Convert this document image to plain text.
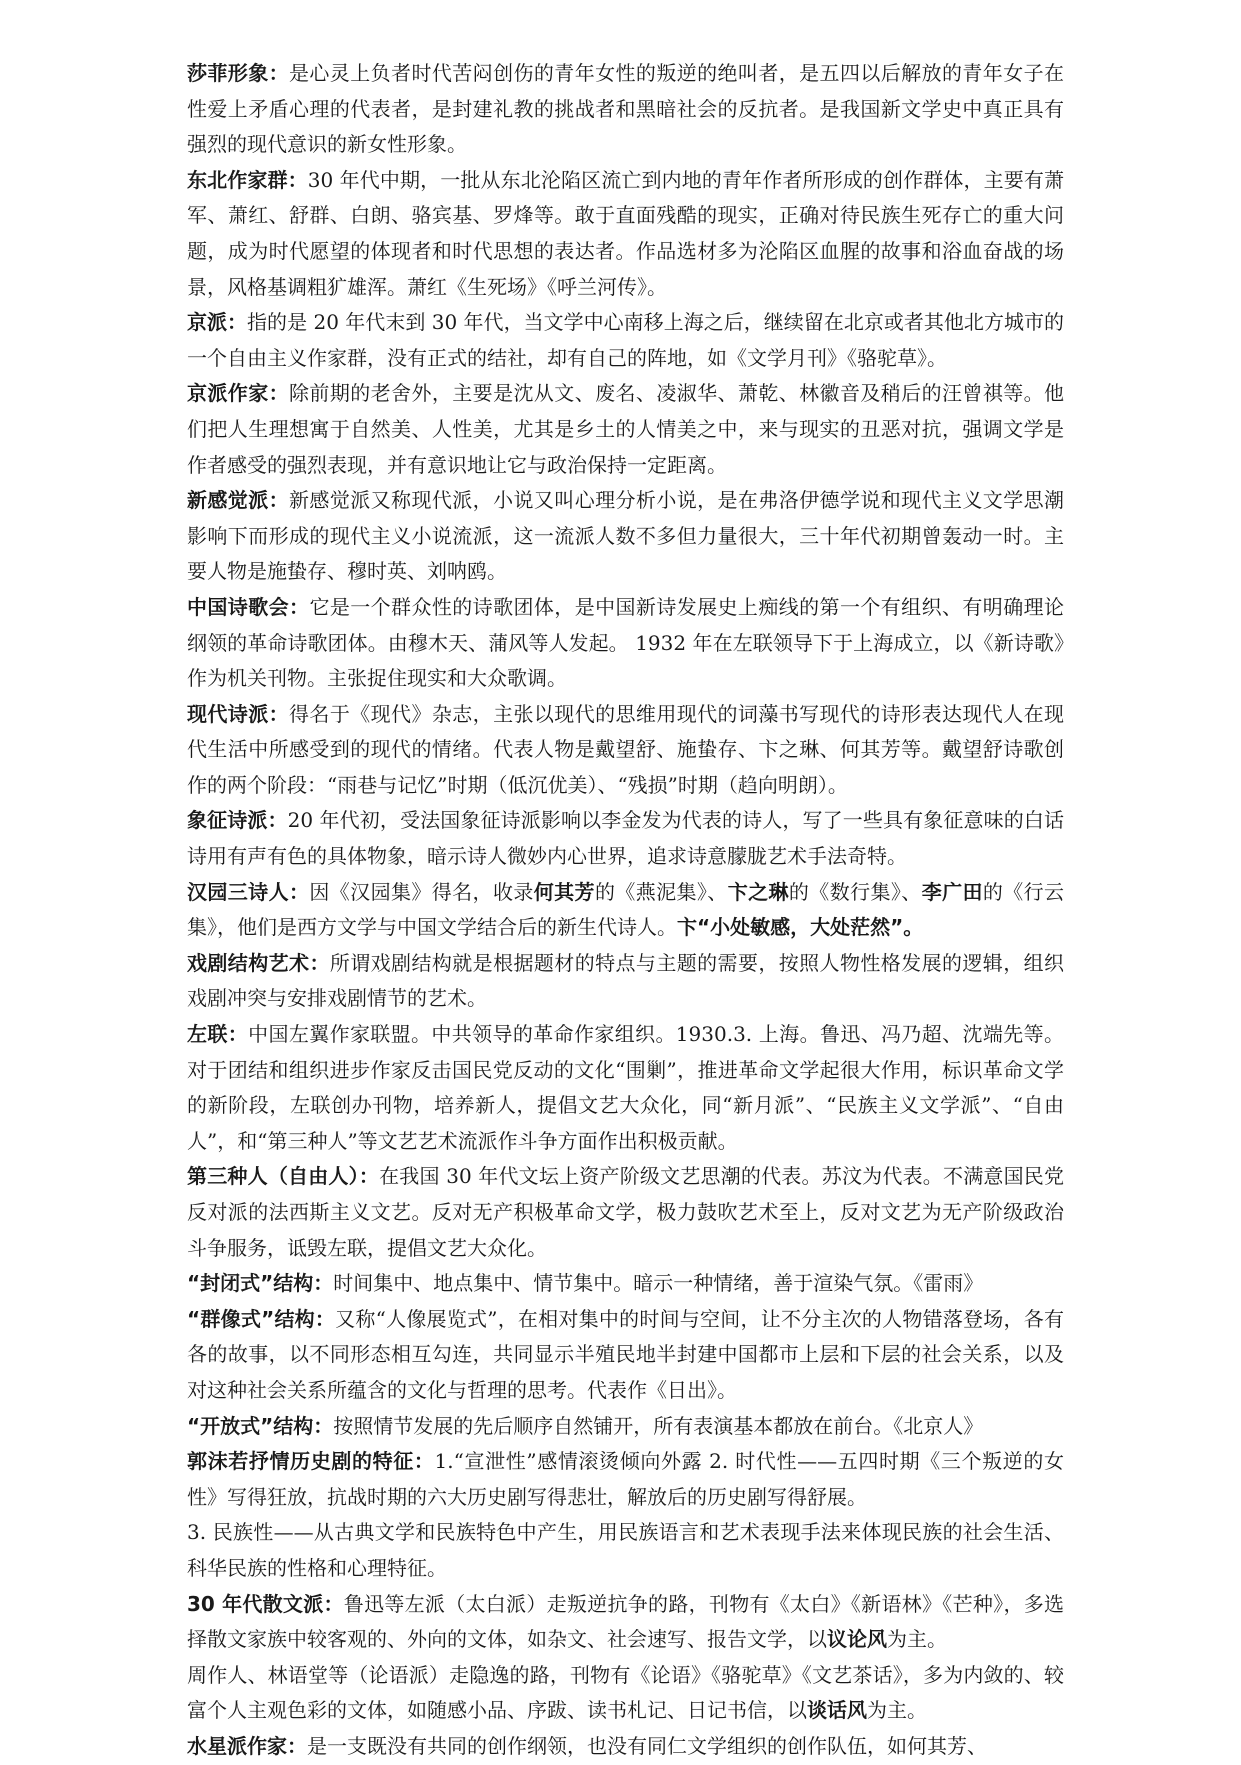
莎菲形象：是心灵上负者时代苦闷创伤的青年女性的叛逆的绝叫者，是五四以后解放的青年女子在性爱上矛盾心理的代表者，是封建礼教的挑战者和黑暗社会的反抗者。是我国新文学史中真正具有强烈的现代意识的新女性形象。

东北作家群：30 年代中期，一批从东北沦陷区流亡到内地的青年作者所形成的创作群体，主要有萧军、萧红、舒群、白朗、骆宾基、罗烽等。敢于直面残酷的现实，正确对待民族生死存亡的重大问题，成为时代愿望的体现者和时代思想的表达者。作品选材多为沦陷区血腥的故事和浴血奋战的场景，风格基调粗犷雄浑。萧红《生死场》《呼兰河传》。

京派：指的是 20 年代末到 30 年代，当文学中心南移上海之后，继续留在北京或者其他北方城市的一个自由主义作家群，没有正式的结社，却有自己的阵地，如《文学月刊》《骆驼草》。

京派作家：除前期的老舍外，主要是沈从文、废名、凌淑华、萧乾、林徽音及稍后的汪曾祺等。他们把人生理想寓于自然美、人性美，尤其是乡土的人情美之中，来与现实的丑恶对抗，强调文学是作者感受的强烈表现，并有意识地让它与政治保持一定距离。

新感觉派：新感觉派又称现代派，小说又叫心理分析小说，是在弗洛伊德学说和现代主义文学思潮影响下而形成的现代主义小说流派，这一流派人数不多但力量很大，三十年代初期曾轰动一时。主要人物是施蛰存、穆时英、刘呐鸥。

中国诗歌会：它是一个群众性的诗歌团体，是中国新诗发展史上痴线的第一个有组织、有明确理论纲领的革命诗歌团体。由穆木天、蒲风等人发起。 1932 年在左联领导下于上海成立，以《新诗歌》作为机关刊物。主张捉住现实和大众歌调。

现代诗派：得名于《现代》杂志，主张以现代的思维用现代的词藻书写现代的诗形表达现代人在现代生活中所感受到的现代的情绪。代表人物是戴望舒、施蛰存、卞之琳、何其芳等。戴望舒诗歌创作的两个阶段：“雨巷与记忆”时期（低沉优美）、“残损”时期（趋向明朗）。

象征诗派：20 年代初，受法国象征诗派影响以李金发为代表的诗人，写了一些具有象征意味的白话诗用有声有色的具体物象，暗示诗人微妙内心世界，追求诗意朦胧艺术手法奇特。

汉园三诗人：因《汉园集》得名，收录何其芳的《燕泥集》、卞之琳的《数行集》、李广田的《行云集》，他们是西方文学与中国文学结合后的新生代诗人。卞“小处敏感，大处茫然”。

戏剧结构艺术：所谓戏剧结构就是根据题材的特点与主题的需要，按照人物性格发展的逻辑，组织戏剧冲突与安排戏剧情节的艺术。

左联：中国左翼作家联盟。中共领导的革命作家组织。1930.3. 上海。鲁迅、冯乃超、沈端先等。对于团结和组织进步作家反击国民党反动的文化“围剿”，推进革命文学起很大作用，标识革命文学的新阶段，左联创办刊物，培养新人，提倡文艺大众化，同“新月派”、“民族主义文学派”、“自由人”，和“第三种人”等文艺艺术流派作斗争方面作出积极贡献。

第三种人（自由人）：在我国 30 年代文坛上资产阶级文艺思潮的代表。苏汶为代表。不满意国民党反对派的法西斯主义文艺。反对无产积极革命文学，极力鼓吹艺术至上，反对文艺为无产阶级政治斗争服务，诋毁左联，提倡文艺大众化。

“封闭式”结构：时间集中、地点集中、情节集中。暗示一种情绪，善于渲染气氛。《雷雨》

“群像式”结构：又称“人像展览式”，在相对集中的时间与空间，让不分主次的人物错落登场，各有各的故事，以不同形态相互勾连，共同显示半殖民地半封建中国都市上层和下层的社会关系，以及对这种社会关系所蕴含的文化与哲理的思考。代表作《日出》。

“开放式”结构：按照情节发展的先后顺序自然铺开，所有表演基本都放在前台。《北京人》

郭沫若抒情历史剧的特征：1.“宣泄性”感情滚烫倾向外露 2. 时代性——五四时期《三个叛逆的女性》写得狂放，抗战时期的六大历史剧写得悲壮，解放后的历史剧写得舒展。

3. 民族性——从古典文学和民族特色中产生，用民族语言和艺术表现手法来体现民族的社会生活、科华民族的性格和心理特征。

30 年代散文派：鲁迅等左派（太白派）走叛逆抗争的路，刊物有《太白》《新语林》《芒种》，多选择散文家族中较客观的、外向的文体，如杂文、社会速写、报告文学，以议论风为主。

周作人、林语堂等（论语派）走隐逸的路，刊物有《论语》《骆驼草》《文艺茶话》，多为内敛的、较富个人主观色彩的文体，如随感小品、序跋、读书札记、日记书信，以谈话风为主。

水星派作家：是一支既没有共同的创作纲领，也没有同仁文学组织的创作队伍，如何其芳、
